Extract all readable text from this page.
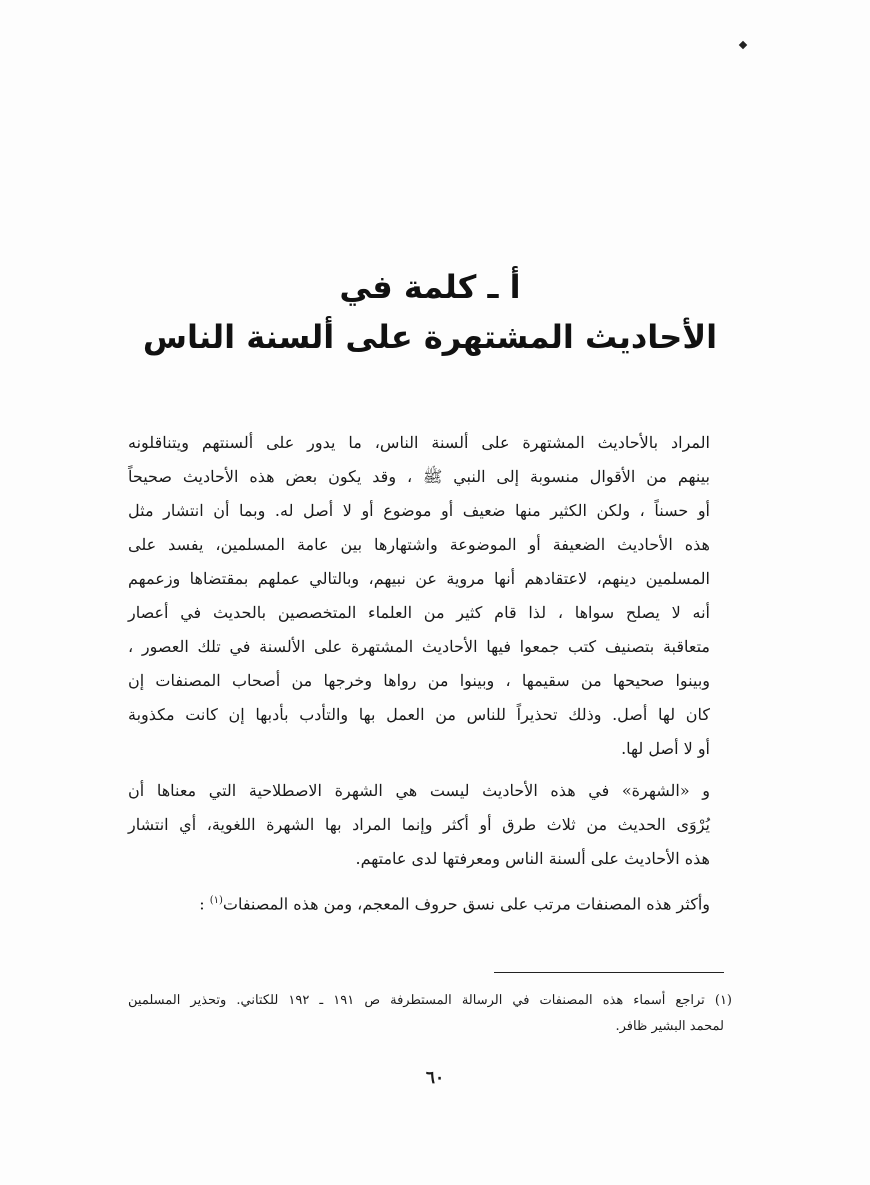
أ ـ كلمة في
الأحاديث المشتهرة على ألسنة الناس

المراد بالأحاديث المشتهرة على ألسنة الناس، ما يدور على ألسنتهم ويتناقلونه
بينهم من الأقوال منسوبة إلى النبي ﷺ ، وقد يكون بعض هذه الأحاديث صحيحاً
أو حسناً ، ولكن الكثير منها ضعيف أو موضوع أو لا أصل له. وبما أن انتشار مثل
هذه الأحاديث الضعيفة أو الموضوعة واشتهارها بين عامة المسلمين، يفسد على
المسلمين دينهم، لاعتقادهم أنها مروية عن نبيهم، وبالتالي عملهم بمقتضاها وزعمهم
أنه لا يصلح سواها ، لذا قام كثير من العلماء المتخصصين بالحديث في أعصار
متعاقبة بتصنيف كتب جمعوا فيها الأحاديث المشتهرة على الألسنة في تلك العصور ،
وبينوا صحيحها من سقيمها ، وبينوا من رواها وخرجها من أصحاب المصنفات إن
كان لها أصل. وذلك تحذيراً للناس من العمل بها والتأدب بأدبها إن كانت مكذوبة
أو لا أصل لها.

و «الشهرة» في هذه الأحاديث ليست هي الشهرة الاصطلاحية التي معناها أن
يُرْوَى الحديث من ثلاث طرق أو أكثر وإنما المراد بها الشهرة اللغوية، أي انتشار
هذه الأحاديث على ألسنة الناس ومعرفتها لدى عامتهم.

وأكثر هذه المصنفات مرتب على نسق حروف المعجم، ومن هذه المصنفات$^{(١)}$ :

(١) تراجع أسماء هذه المصنفات في الرسالة المستطرفة ص ١٩١ ـ ١٩٢ للكتاني. وتحذير المسلمين
لمحمد البشير ظافر.
٦٠
